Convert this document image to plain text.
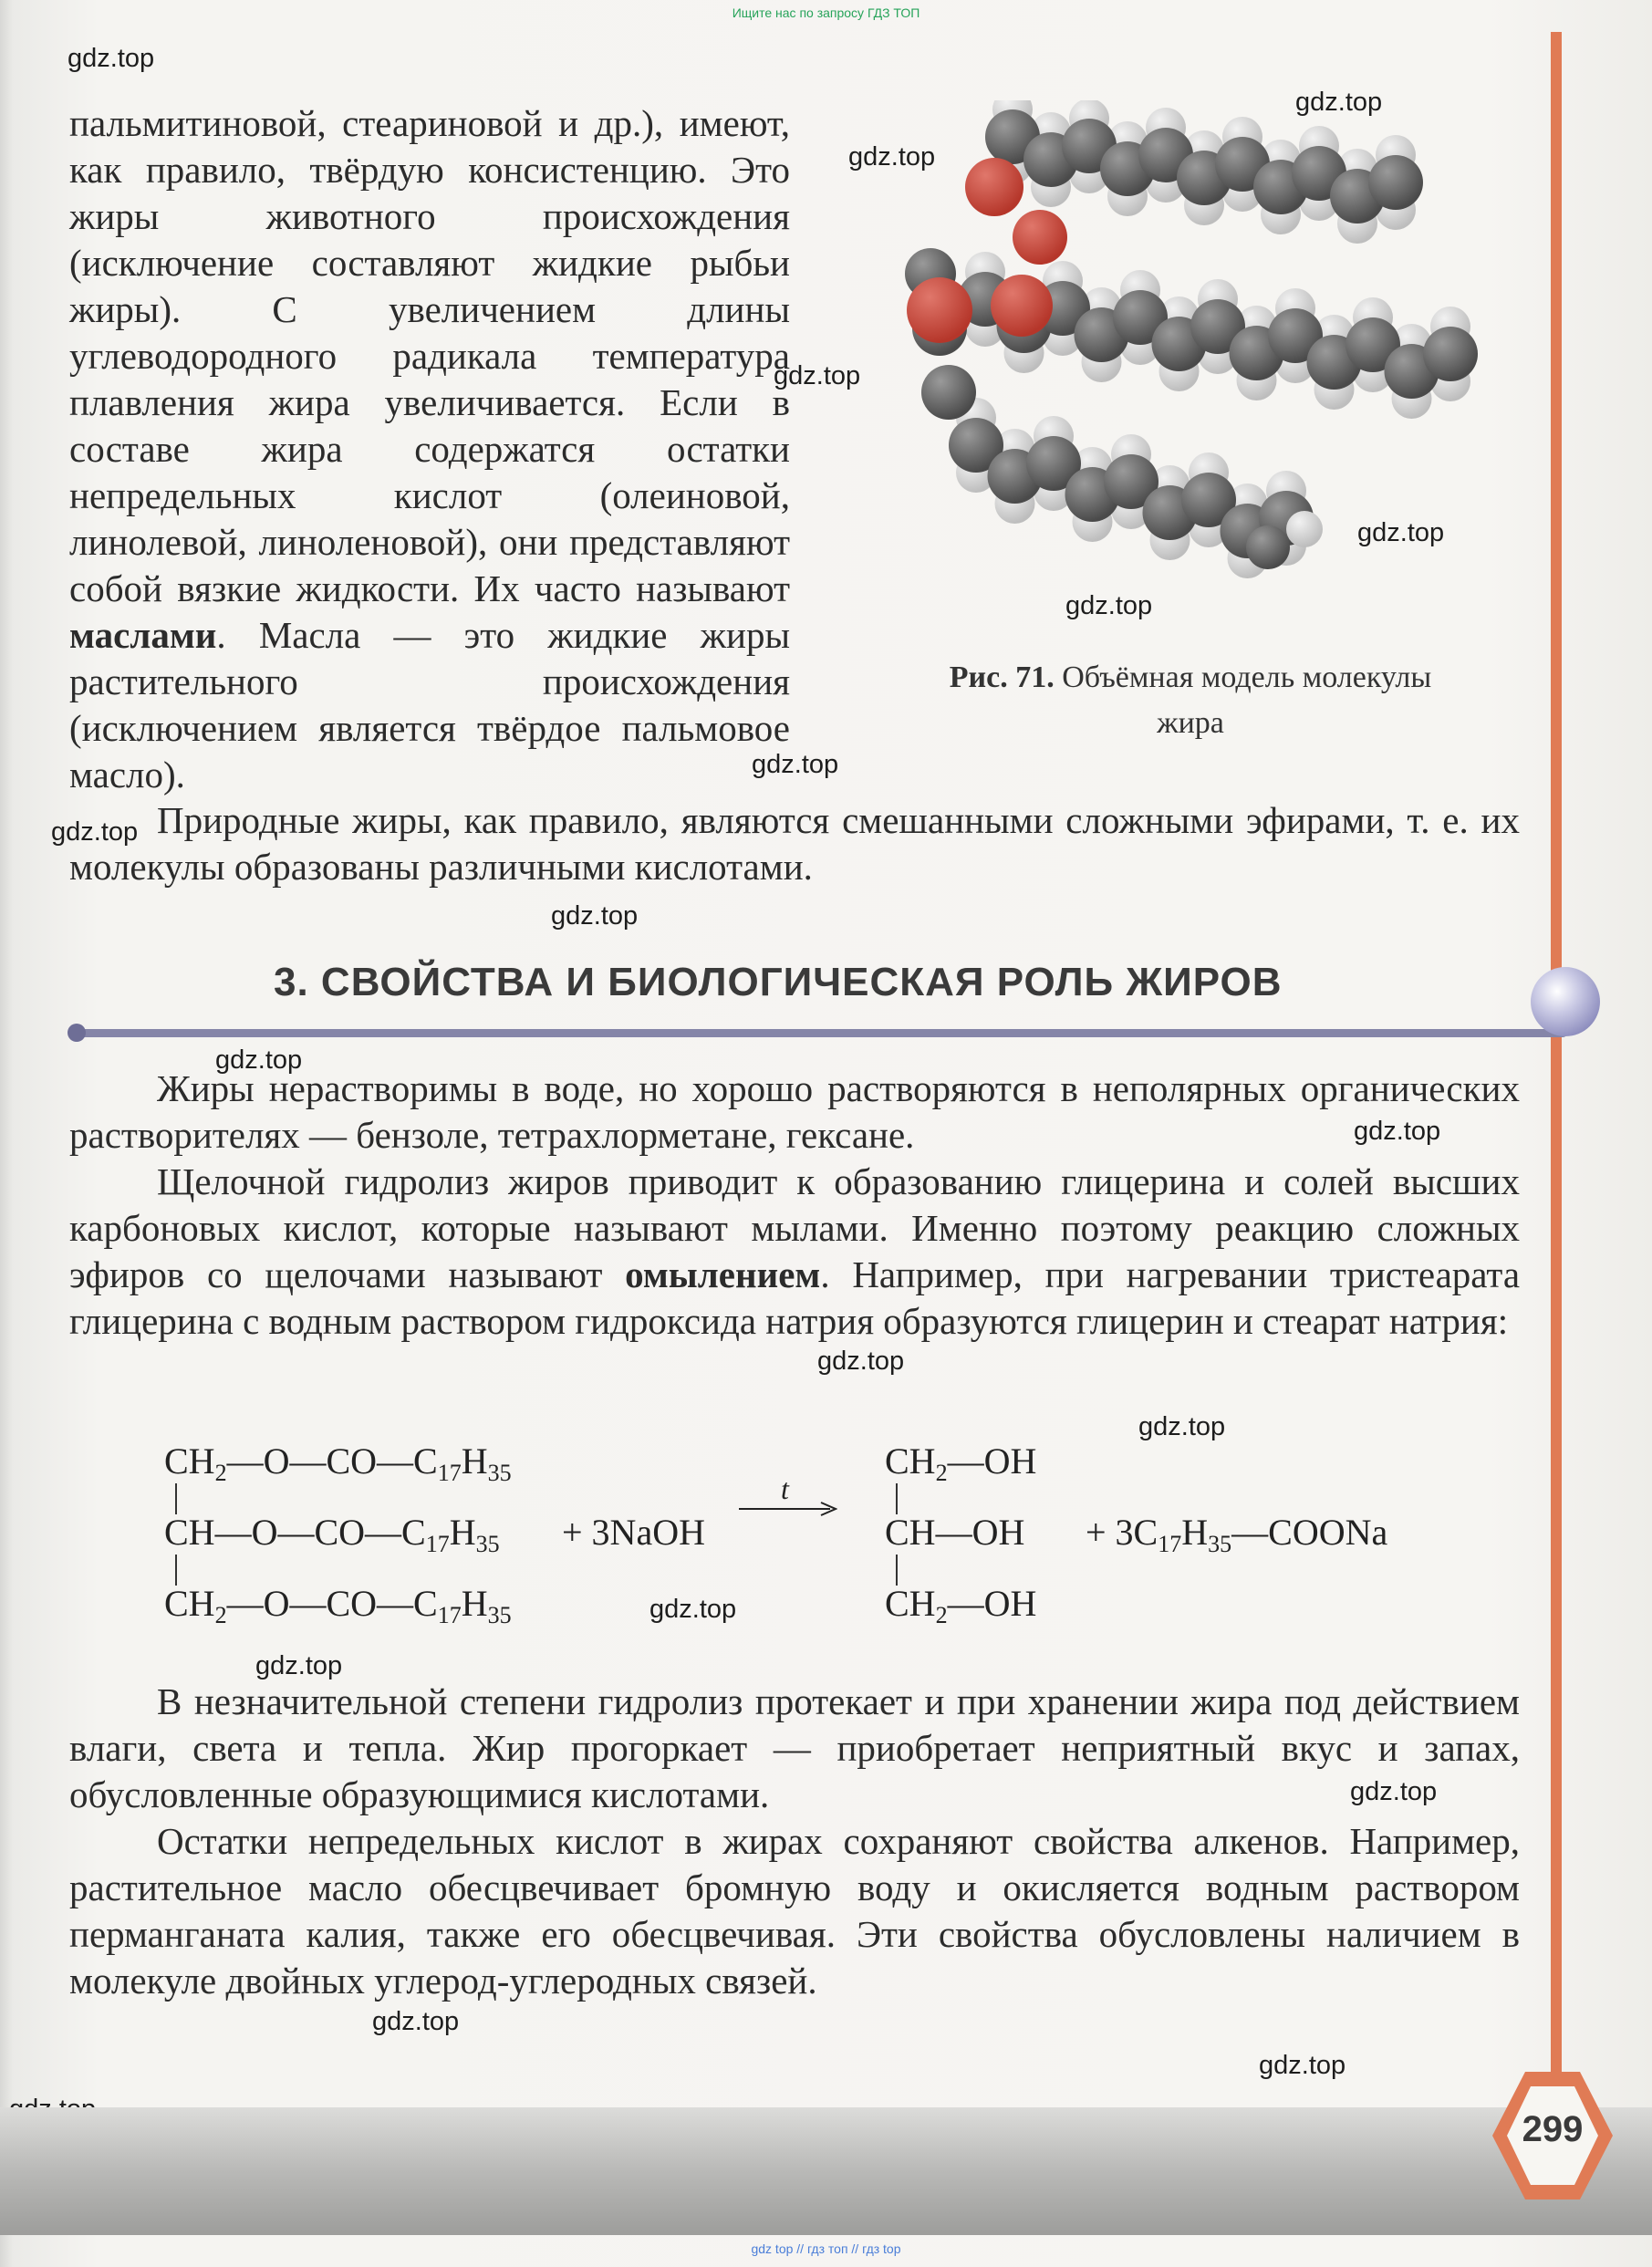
Ищите нас по запросу ГДЗ ТОП
gdz.top
gdz.top
gdz.top
gdz.top
gdz.top
gdz.top
gdz.top
gdz.top
gdz.top
gdz.top
gdz.top
gdz.top
gdz.top
gdz.top
gdz.top
gdz.top
gdz.top
gdz.top

пальмитиновой, стеариновой и др.), имеют, как правило, твёрдую консистенцию. Это жиры животного происхождения (исключение составляют жидкие рыбьи жиры). С увеличением длины углеводородного радикала температура плавления жира увеличивается. Если в составе жира содержатся остатки непредельных кислот (олеиновой, линолевой, линоленовой), они представляют собой вязкие жидкости. Их часто называют маслами. Масла — это жидкие жиры растительного происхождения (исключением является твёрдое пальмовое масло).

Природные жиры, как правило, являются смешанными сложными эфирами, т. е. их молекулы образованы различными кислотами.

Рис. 71. Объёмная модель молекулы жира
3. СВОЙСТВА И БИОЛОГИЧЕСКАЯ РОЛЬ ЖИРОВ

Жиры нерастворимы в воде, но хорошо растворяются в неполярных органических растворителях — бензоле, тетрахлорметане, гексане.

Щелочной гидролиз жиров приводит к образованию глицерина и солей высших карбоновых кислот, которые называют мылами. Именно поэтому реакцию сложных эфиров со щелочами называют омылением. Например, при нагревании тристеарата глицерина с водным раствором гидроксида натрия образуются глицерин и стеарат натрия:

$CH_2—O—CO—C_{17}H_{35}$
$CH—O—CO—C_{17}H_{35}$
$CH_2—O—CO—C_{17}H_{35}$
+ 3NaOH
t
$CH_2—OH$
CH—OH
$CH_2—OH$
+ $3C_{17}H_{35}—COONa$

В незначительной степени гидролиз протекает и при хранении жира под действием влаги, света и тепла. Жир прогоркает — приобретает неприятный вкус и запах, обусловленные образующимися кислотами.

Остатки непредельных кислот в жирах сохраняют свойства алкенов. Например, растительное масло обесцвечивает бромную воду и окисляется водным раствором перманганата калия, также его обесцвечивая. Эти свойства обусловлены наличием в молекуле двойных углерод-углеродных связей.

299
gdz top // гдз топ // гдз top
